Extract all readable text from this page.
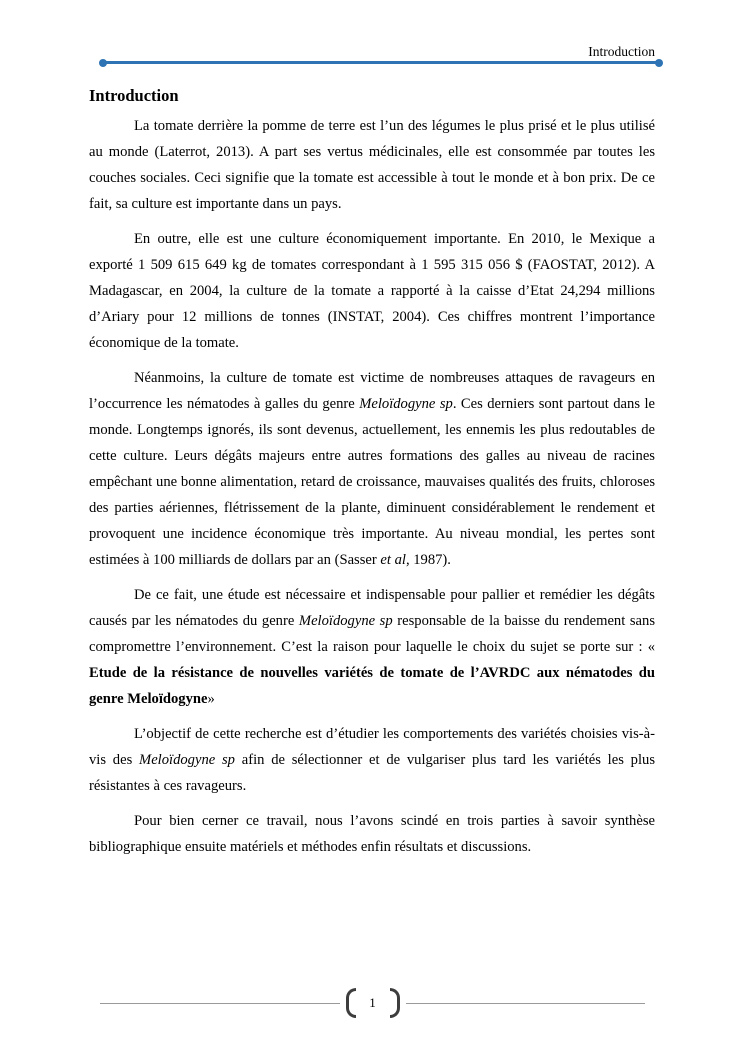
Introduction
Introduction

La tomate derrière la pomme de terre est l’un des légumes le plus prisé et le plus utilisé au monde (Laterrot, 2013). A part ses vertus médicinales, elle est consommée par toutes les couches sociales. Ceci signifie que la tomate est accessible à tout le monde et à bon prix. De ce fait, sa culture est importante dans un pays.

En outre, elle est une culture économiquement importante. En 2010, le Mexique a exporté 1 509 615 649 kg de tomates correspondant à 1 595 315 056 $ (FAOSTAT, 2012). A Madagascar, en 2004, la culture de la tomate a rapporté à la caisse d’Etat 24,294 millions d’Ariary pour 12 millions de tonnes (INSTAT, 2004). Ces chiffres montrent l’importance économique de la tomate.

Néanmoins, la culture de tomate est victime de nombreuses attaques de ravageurs en l’occurrence les nématodes à galles du genre Meloïdogyne sp. Ces derniers sont partout dans le monde. Longtemps ignorés, ils sont devenus, actuellement, les ennemis les plus redoutables de cette culture. Leurs dégâts majeurs entre autres formations des galles au niveau de racines empêchant une bonne alimentation, retard de croissance, mauvaises qualités des fruits, chloroses des parties aériennes, flétrissement de la plante, diminuent considérablement le rendement et provoquent une incidence économique très importante. Au niveau mondial, les pertes sont estimées à 100 milliards de dollars par an (Sasser et al, 1987).

De ce fait, une étude est nécessaire et indispensable pour pallier et remédier les dégâts causés par les nématodes du genre Meloïdogyne sp responsable de la baisse du rendement sans compromettre l’environnement. C’est la raison pour laquelle le choix du sujet se porte sur : « Etude de la résistance de nouvelles variétés de tomate de l’AVRDC aux nématodes du genre Meloïdogyne»

L’objectif de cette recherche est d’étudier les comportements des variétés choisies vis-à-vis des Meloïdogyne sp afin de sélectionner et de vulgariser plus tard les variétés les plus résistantes à ces ravageurs.

Pour bien cerner ce travail, nous l’avons scindé en trois parties à savoir synthèse bibliographique ensuite matériels et méthodes enfin résultats et discussions.

1
